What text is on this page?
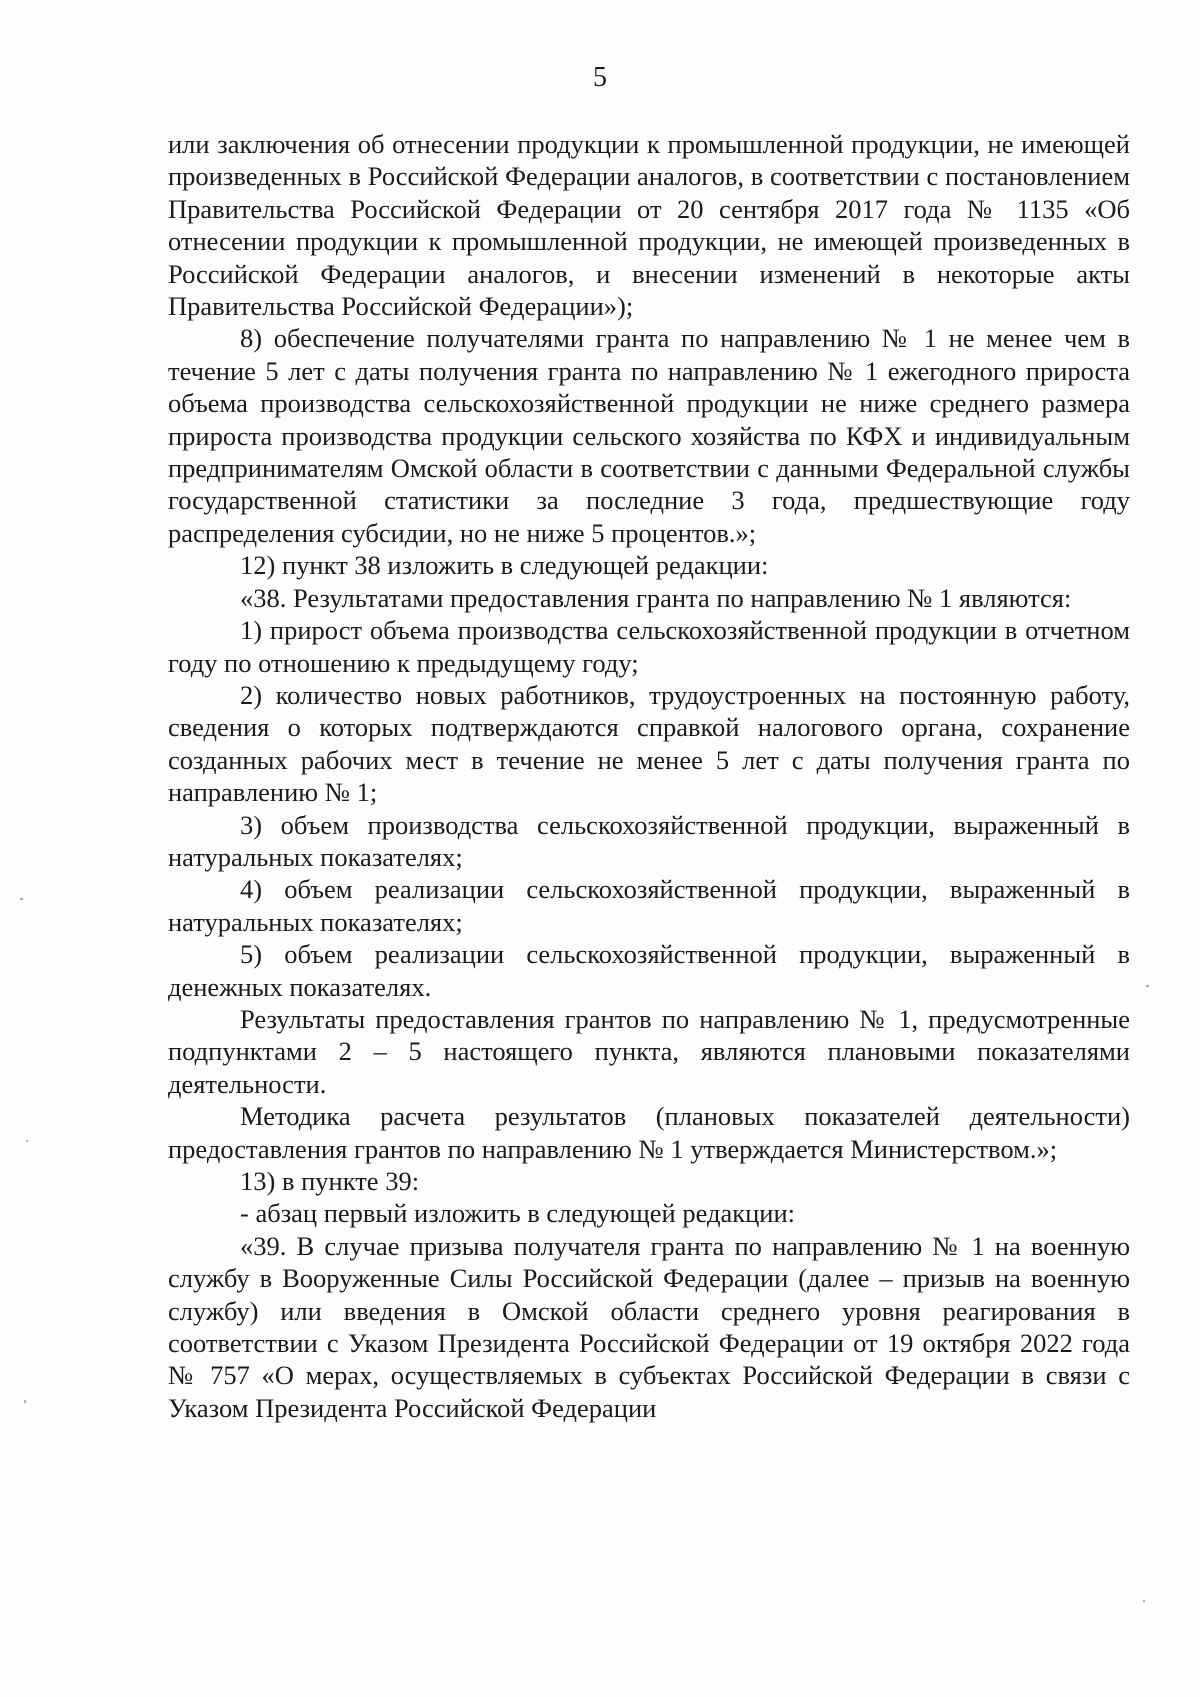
5

или заключения об отнесении продукции к промышленной продукции, не имеющей произведенных в Российской Федерации аналогов, в соответствии с постановлением Правительства Российской Федерации от 20 сентября 2017 года № 1135 «Об отнесении продукции к промышленной продукции, не имеющей произведенных в Российской Федерации аналогов, и внесении изменений в некоторые акты Правительства Российской Федерации»);

8) обеспечение получателями гранта по направлению № 1 не менее чем в течение 5 лет с даты получения гранта по направлению № 1 ежегодного прироста объема производства сельскохозяйственной продукции не ниже среднего размера прироста производства продукции сельского хозяйства по КФХ и индивидуальным предпринимателям Омской области в соответствии с данными Федеральной службы государственной статистики за последние 3 года, предшествующие году распределения субсидии, но не ниже 5 процентов.»;

12) пункт 38 изложить в следующей редакции:

«38. Результатами предоставления гранта по направлению № 1 являются:

1) прирост объема производства сельскохозяйственной продукции в отчетном году по отношению к предыдущему году;

2) количество новых работников, трудоустроенных на постоянную работу, сведения о которых подтверждаются справкой налогового органа, сохранение созданных рабочих мест в течение не менее 5 лет с даты получения гранта по направлению № 1;

3) объем производства сельскохозяйственной продукции, выраженный в натуральных показателях;

4) объем реализации сельскохозяйственной продукции, выраженный в натуральных показателях;

5) объем реализации сельскохозяйственной продукции, выраженный в денежных показателях.

Результаты предоставления грантов по направлению № 1, предусмотренные подпунктами 2 – 5 настоящего пункта, являются плановыми показателями деятельности.

Методика расчета результатов (плановых показателей деятельности) предоставления грантов по направлению № 1 утверждается Министерством.»;

13) в пункте 39:

- абзац первый изложить в следующей редакции:

«39. В случае призыва получателя гранта по направлению № 1 на военную службу в Вооруженные Силы Российской Федерации (далее – призыв на военную службу) или введения в Омской области среднего уровня реагирования в соответствии с Указом Президента Российской Федерации от 19 октября 2022 года № 757 «О мерах, осуществляемых в субъектах Российской Федерации в связи с Указом Президента Российской Федерации
